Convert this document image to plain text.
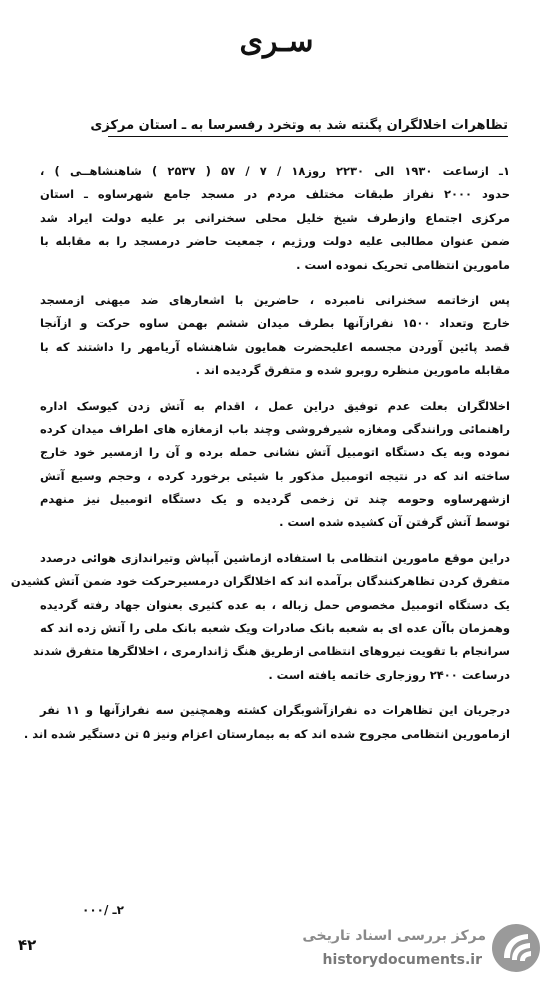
سـری
تظاهرات اخلالگران پگنته شد به وتخرد رفسرسا به ـ استان مرکزی
۱ـ ازساعت ۱۹۳۰ الی ۲۲۳۰ روز۱۸ / ۷ / ۵۷ ( ۲۵۳۷ ) شاهنشاهــی ) ،
حدود ۲۰۰۰ نفراز طبقات مختلف مردم در مسجد جامع شهرساوه ـ استان
مرکزی اجتماع وازطرف شیخ خلیل محلی سخنرانی بر علیه دولت ایراد شد
ضمن عنوان مطالبی علیه دولت ورژیم ، جمعیت حاضر درمسجد را به مقابله با
مامورین انتظامی تحریک نموده است .
پس ازخاتمه سخنرانی نامبرده ، حاضرین با اشعارهای ضد میهنی ازمسجد
خارج وتعداد ۱۵۰۰ نفرازآنها بطرف میدان ششم بهمن ساوه حرکت و ازآنجا
قصد پائین آوردن مجسمه اعلیحضرت همایون شاهنشاه آریامهر را داشتند که با
مقابله مامورین منظره روبرو شده و متفرق گردیده اند .
اخلالگران بعلت عدم توفیق دراین عمل ، اقدام به آتش زدن کیوسک اداره
راهنمائی ورانندگی ومغازه شیرفروشی وچند باب ازمغازه های اطراف میدان کرده
نموده وبه یک دستگاه اتومبیل آتش نشانی حمله برده و آن را ازمسیر خود خارج
ساخته اند که در نتیجه اتومبیل مذکور با شیئی برخورد کرده ، وحجم وسیع آتش
ازشهرساوه وحومه چند تن زخمی گردیده و یک دستگاه اتومبیل نیز منهدم
توسط آتش گرفتن آن کشیده شده است .
دراین موقع مامورین انتظامی با استفاده ازماشین آبپاش وتیراندازی هوائی درصدد
متفرق کردن تظاهرکنندگان برآمده اند که اخلالگران درمسیرحرکت خود ضمن آتش کشیدن
یک دستگاه اتومبیل مخصوص حمل زباله ، به عده کثیری بعنوان جهاد رفته گردیده
وهمزمان باآن عده ای به شعبه بانک صادرات ویک شعبه بانک ملی را آتش زده اند که
سرانجام با تقویت نیروهای انتظامی ازطریق هنگ ژاندارمری ، اخلالگرها متفرق شدند
درساعت ۲۴۰۰ روزجاری خاتمه یافته است .
درجریان این تظاهرات ده نفرازآشوبگران کشته وهمچنین سه نفرازآنها و ۱۱ نفر
ازمامورین انتظامی مجروح شده اند که به بیمارستان اعزام ونیز ۵ تن دستگیر شده اند .
۲ـ /۰۰۰
۴۲	مرکز بررسی اسناد تاریخی
historydocuments.ir
